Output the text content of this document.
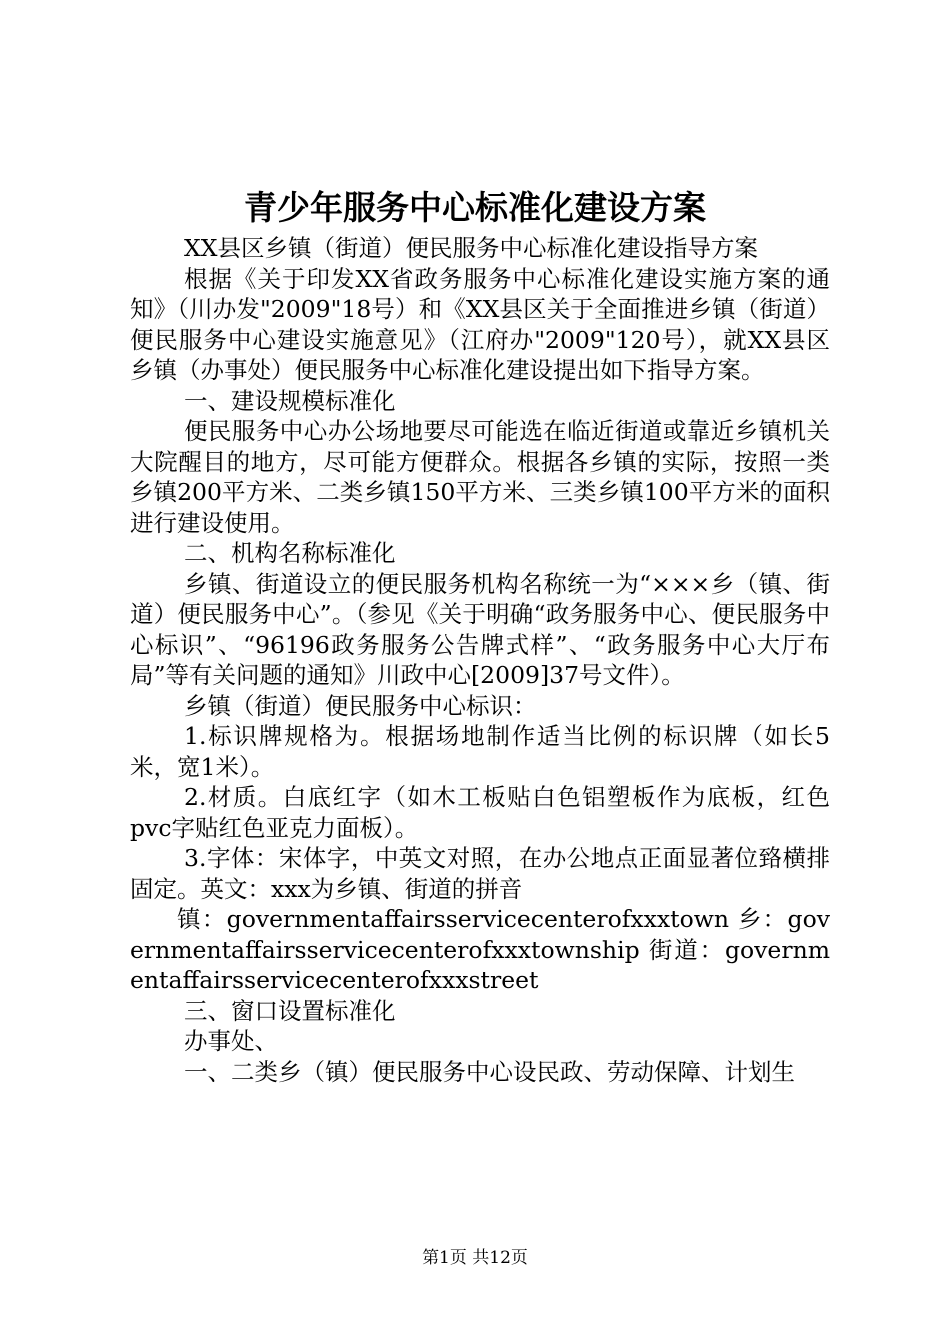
青少年服务中心标准化建设方案

XX县区乡镇（街道）便民服务中心标准化建设指导方案

根据《关于印发XX省政务服务中心标准化建设实施方案的通知》（川办发"2009"18号）和《XX县区关于全面推进乡镇（街道）便民服务中心建设实施意见》（江府办"2009"120号），就XX县区乡镇（办事处）便民服务中心标准化建设提出如下指导方案。

一、建设规模标准化

便民服务中心办公场地要尽可能选在临近街道或靠近乡镇机关大院醒目的地方，尽可能方便群众。根据各乡镇的实际，按照一类乡镇200平方米、二类乡镇150平方米、三类乡镇100平方米的面积进行建设使用。

二、机构名称标准化

乡镇、街道设立的便民服务机构名称统一为“×××乡（镇、街道）便民服务中心”。（参见《关于明确“政务服务中心、便民服务中心标识”、“96196政务服务公告牌式样”、“政务服务中心大厅布局”等有关问题的通知》川政中心[2009]37号文件）。

乡镇（街道）便民服务中心标识：

1.标识牌规格为。根据场地制作适当比例的标识牌（如长5米，宽1米）。

2.材质。白底红字（如木工板贴白色铝塑板作为底板，红色pvc字贴红色亚克力面板）。

3.字体：宋体字，中英文对照，在办公地点正面显著位臵横排固定。英文：xxx为乡镇、街道的拼音

镇：governmentaffairsservicecenterofxxxtown 乡：governmentaffairsservicecenterofxxxtownship 街道：governmentaffairsservicecenterofxxxstreet

三、窗口设置标准化

办事处、

一、二类乡（镇）便民服务中心设民政、劳动保障、计划生

第1页 共12页
